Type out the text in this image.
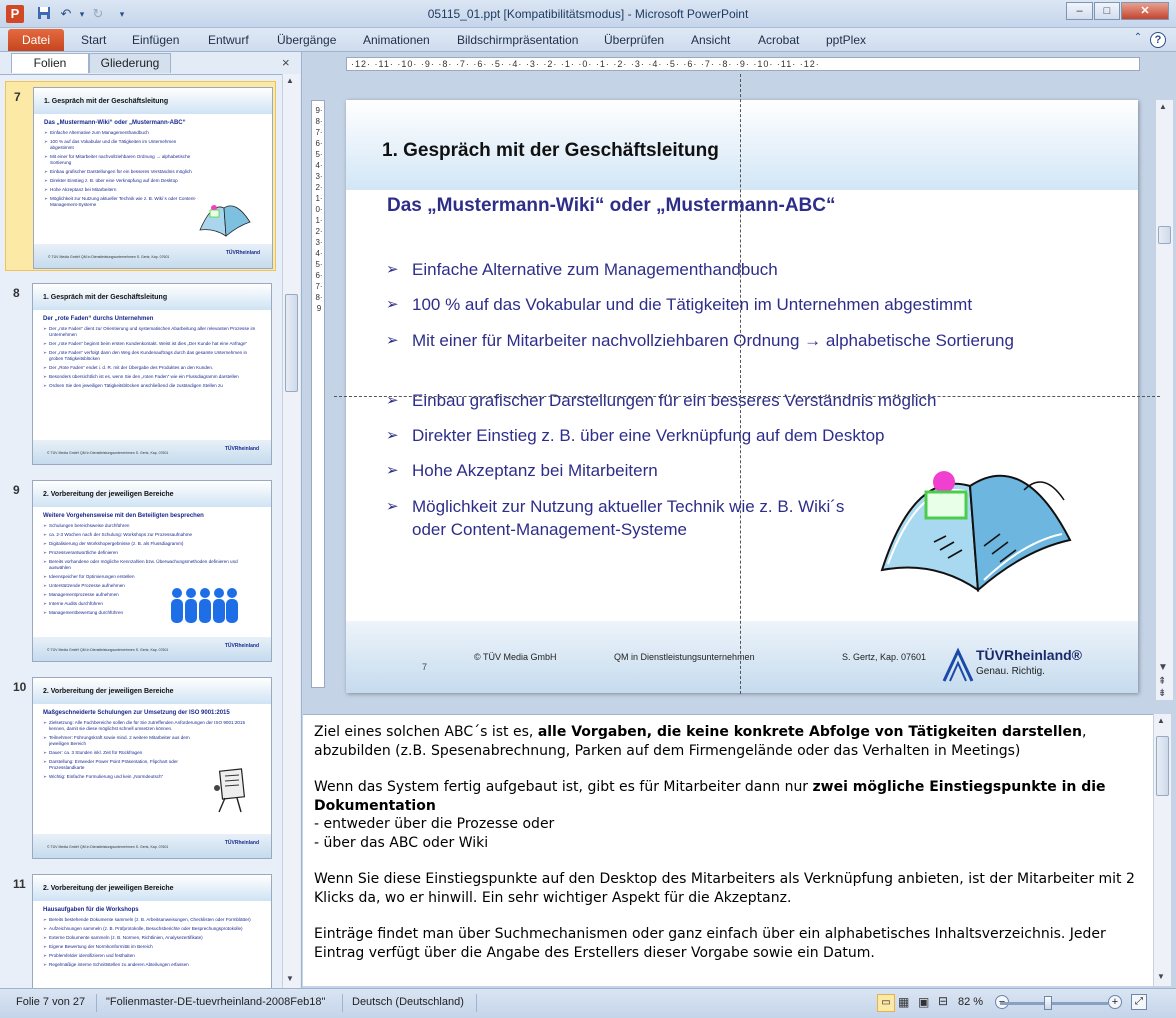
P	↶ ▾ ↻	▾	05115_01.ppt [Kompatibilitätsmodus] - Microsoft PowerPoint	–	□	✕
Datei	Start Einfügen Entwurf Übergänge Animationen Bildschirmpräsentation Überprüfen Ansicht Acrobat pptPlex	⌃	?
Folien	Gliederung	×
7	1. Gespräch mit der Geschäftsleitung
Das „Mustermann-Wiki“ oder „Mustermann-ABC“
➢ Einfache Alternative zum Managementhandbuch
➢ 100 % auf das Vokabular und die Tätigkeiten im Unternehmen abgestimmt
➢ Mit einer für Mitarbeiter nachvollziehbaren Ordnung → alphabetische Sortierung
➢ Einbau grafischer Darstellungen für ein besseres Verständnis möglich
➢ Direkter Einstieg z. B. über eine Verknüpfung auf dem Desktop
➢ Hohe Akzeptanz bei Mitarbeitern
➢ Möglichkeit zur Nutzung aktueller Technik wie z. B. Wiki´s oder Content-Management-Systeme
© TÜV Media GmbH QM in Dienstleistungsunternehmen S. Gertz, Kap. 07601
TÜVRheinland
8	1. Gespräch mit der Geschäftsleitung
Der „rote Faden“ durchs Unternehmen
➢ Der „rote Faden“ dient zur Orientierung und systematischen Abarbeitung aller relevanten Prozesse im Unternehmen
➢ Der „rote Faden“ beginnt beim ersten Kundenkontakt. Weist ist dies „Der Kunde hat eine Anfrage“
➢ Der „rote Faden“ verfolgt dann den Weg des Kundenauftrags durch das gesamte Unternehmen in groben Tätigkeitsblöcken
➢ Der „Rote Faden“ endet i. d. R. mit der Übergabe des Produktes an den Kunden.
➢ Besonders übersichtlich ist es, wenn Sie den „roten Faden“ wie ein Flussdiagramm darstellen
➢ Ordnen Sie den jeweiligen Tätigkeitsblöcken anschließend die zuständigen Stellen zu
© TÜV Media GmbH QM in Dienstleistungsunternehmen S. Gertz, Kap. 07601
TÜVRheinland
9	2. Vorbereitung der jeweiligen Bereiche
Weitere Vorgehensweise mit den Beteiligten besprechen
➢ Schulungen bereichsweise durchführen
➢ ca. 2-3 Wochen nach der Schulung: Workshops zur Prozessaufnahme
➢ Digitalisierung der Workshopergebnisse (z. B. als Flussdiagramm)
➢ Prozessverantwortliche definieren
➢ Bereits vorhandene oder mögliche Kennzahlen bzw. Überwachungsmethoden definieren und auswählen
➢ Ideenspeicher für Optimierungen erstellen
➢ Unterstützende Prozesse aufnehmen
➢ Managementprozesse aufnehmen
➢ Interne Audits durchführen
➢ Managementbewertung durchführen
© TÜV Media GmbH QM in Dienstleistungsunternehmen S. Gertz, Kap. 07601
TÜVRheinland
10	2. Vorbereitung der jeweiligen Bereiche
Maßgeschneiderte Schulungen zur Umsetzung der ISO 9001:2015
➢ Zielsetzung: Alle Fachbereiche sollen die für Sie zutreffenden Anforderungen der ISO 9001:2015 kennen, damit sie diese möglichst schnell umsetzen können.
➢ Teilnehmer: Führungskraft sowie mind. 2 weitere Mitarbeiter aus dem jeweiligen Bereich
➢ Dauer: ca. 3 Stunden inkl. Zeit für Rückfragen
➢ Darstellung: Entweder Power Point Präsentation, Flipchart oder Prozesslandkarte
➢ Wichtig: Einfache Formulierung und kein „Normdeutsch“
© TÜV Media GmbH QM in Dienstleistungsunternehmen S. Gertz, Kap. 07601
TÜVRheinland
11	2. Vorbereitung der jeweiligen Bereiche
Hausaufgaben für die Workshops
➢ Bereits bestehende Dokumente sammeln (z. B. Arbeitsanweisungen, Checklisten oder Formblätter)
➢ Aufzeichnungen sammeln (z. B. Prüfprotokolle, Besuchsberichte oder Besprechungsprotokolle)
➢ Externe Dokumente sammeln (z. B. Normen, Richtlinien, Analysezertifikate)
➢ Eigene Bewertung der Normkonformität im Bereich
➢ Problemfelder identifizieren und festhalten
➢ Regelmäßige interne Schnittstellen zu anderen Abteilungen erfassen
▲
▼
·12· ·11· ·10· ·9· ·8· ·7· ·6· ·5· ·4· ·3· ·2· ·1· ·0· ·1· ·2· ·3· ·4· ·5· ·6· ·7· ·8· ·9· ·10· ·11· ·12·
9·8·7·6·5·4·3·2·1·0·1·2·3·4·5·6·7·8·9
▲
▼
⇞
⇟
1. Gespräch mit der Geschäftsleitung
Das „Mustermann-Wiki“ oder „Mustermann-ABC“
➢ Einfache Alternative zum Managementhandbuch
➢ 100 % auf das Vokabular und die Tätigkeiten im Unternehmen abgestimmt
➢ Mit einer für Mitarbeiter nachvollziehbaren Ordnung → alphabetische Sortierung
➢ Einbau grafischer Darstellungen für ein besseres Verständnis möglich
➢ Direkter Einstieg z. B. über eine Verknüpfung auf dem Desktop
➢ Hohe Akzeptanz bei Mitarbeitern
➢ Möglichkeit zur Nutzung aktueller Technik wie z. B. Wiki´s oder Content-Management-Systeme
© TÜV Media GmbH	QM in Dienstleistungsunternehmen	S. Gertz, Kap. 07601
7
TÜVRheinland®
Genau. Richtig.

Ziel eines solchen ABC´s ist es, alle Vorgaben, die keine konkrete Abfolge von Tätigkeiten darstellen, abzubilden (z.B. Spesenabrechnung, Parken auf dem Firmengelände oder das Verhalten in Meetings)

Wenn das System fertig aufgebaut ist, gibt es für Mitarbeiter dann nur zwei mögliche Einstiegspunkte in die Dokumentation

- entweder über die Prozesse oder

- über das ABC oder Wiki

Wenn Sie diese Einstiegspunkte auf den Desktop des Mitarbeiters als Verknüpfung anbieten, ist der Mitarbeiter mit 2 Klicks da, wo er hinwill. Ein sehr wichtiger Aspekt für die Akzeptanz.

Einträge findet man über Suchmechanismen oder ganz einfach über ein alphabetisches Inhaltsverzeichnis. Jeder Eintrag verfügt über die Angabe des Erstellers dieser Vorgabe sowie ein Datum.

▲
▼
Folie 7 von 27 "Folienmaster-DE-tuevrheinland-2008Feb18" Deutsch (Deutschland)	▭ ▦ ▣ ⊟ 82 %	+	⤢
